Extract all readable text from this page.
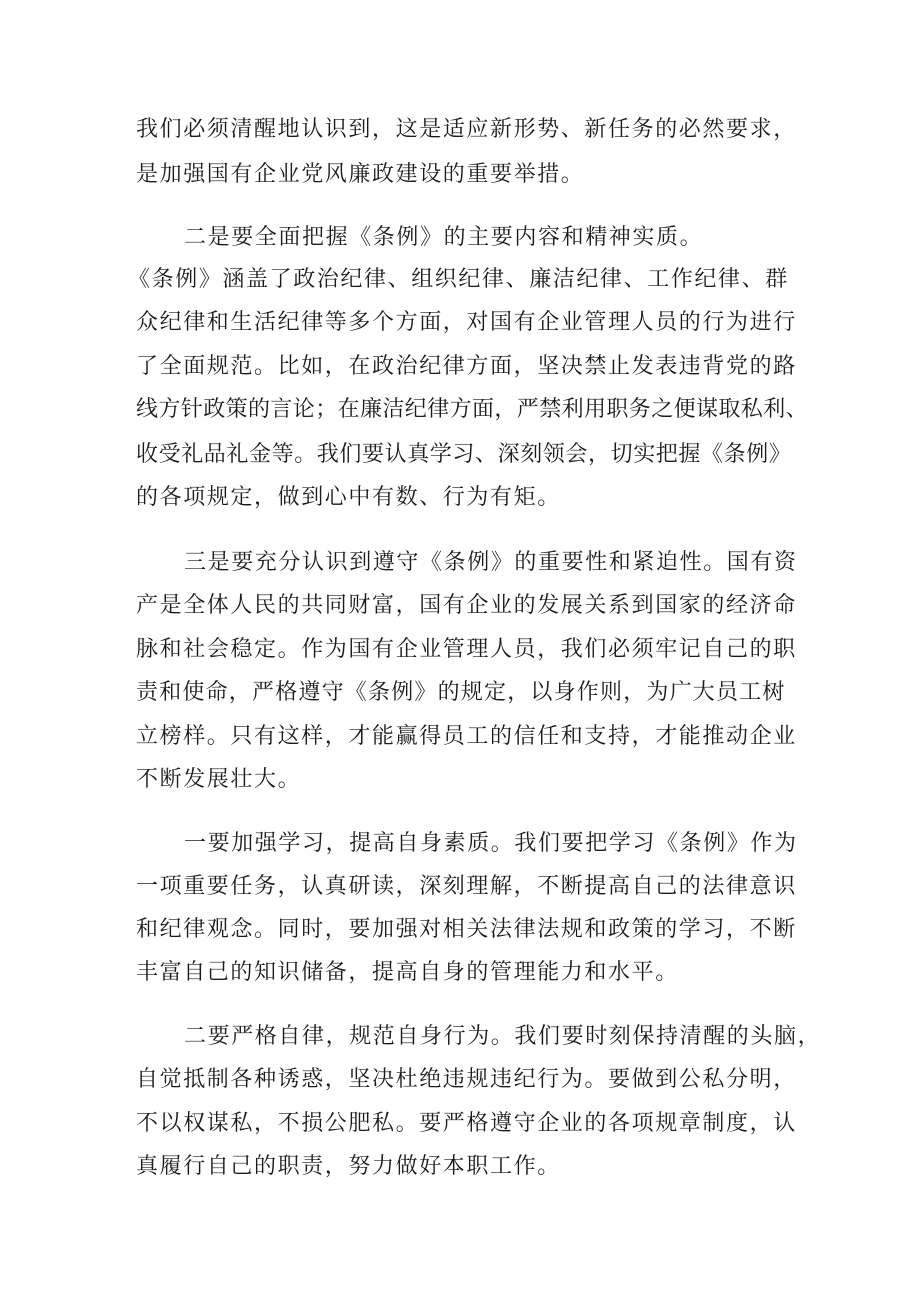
我们必须清醒地认识到，这是适应新形势、新任务的必然要求，
是加强国有企业党风廉政建设的重要举措。
二是要全面把握《条例》的主要内容和精神实质。
《条例》涵盖了政治纪律、组织纪律、廉洁纪律、工作纪律、群
众纪律和生活纪律等多个方面，对国有企业管理人员的行为进行
了全面规范。比如，在政治纪律方面，坚决禁止发表违背党的路
线方针政策的言论；在廉洁纪律方面，严禁利用职务之便谋取私利、
收受礼品礼金等。我们要认真学习、深刻领会，切实把握《条例》
的各项规定，做到心中有数、行为有矩。
三是要充分认识到遵守《条例》的重要性和紧迫性。国有资
产是全体人民的共同财富，国有企业的发展关系到国家的经济命
脉和社会稳定。作为国有企业管理人员，我们必须牢记自己的职
责和使命，严格遵守《条例》的规定，以身作则，为广大员工树
立榜样。只有这样，才能赢得员工的信任和支持，才能推动企业
不断发展壮大。
一要加强学习，提高自身素质。我们要把学习《条例》作为
一项重要任务，认真研读，深刻理解，不断提高自己的法律意识
和纪律观念。同时，要加强对相关法律法规和政策的学习，不断
丰富自己的知识储备，提高自身的管理能力和水平。
二要严格自律，规范自身行为。我们要时刻保持清醒的头脑，
自觉抵制各种诱惑，坚决杜绝违规违纪行为。要做到公私分明，
不以权谋私，不损公肥私。要严格遵守企业的各项规章制度，认
真履行自己的职责，努力做好本职工作。
